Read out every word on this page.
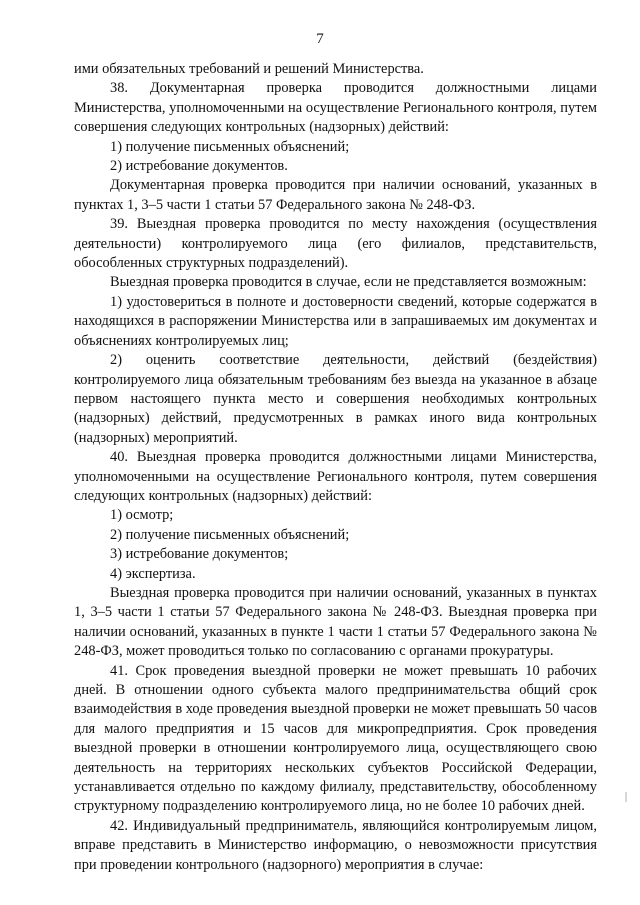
7

ими обязательных требований и решений Министерства.

38. Документарная проверка проводится должностными лицами Министерства, уполномоченными на осуществление Регионального контроля, путем совершения следующих контрольных (надзорных) действий:

1) получение письменных объяснений;

2) истребование документов.

Документарная проверка проводится при наличии оснований, указанных в пунктах 1, 3–5 части 1 статьи 57 Федерального закона № 248-ФЗ.

39. Выездная проверка проводится по месту нахождения (осуществления деятельности) контролируемого лица (его филиалов, представительств, обособленных структурных подразделений).

Выездная проверка проводится в случае, если не представляется возможным:

1) удостовериться в полноте и достоверности сведений, которые содержатся в находящихся в распоряжении Министерства или в запрашиваемых им документах и объяснениях контролируемых лиц;

2) оценить соответствие деятельности, действий (бездействия) контролируемого лица обязательным требованиям без выезда на указанное в абзаце первом настоящего пункта место и совершения необходимых контрольных (надзорных) действий, предусмотренных в рамках иного вида контрольных (надзорных) мероприятий.

40. Выездная проверка проводится должностными лицами Министерства, уполномоченными на осуществление Регионального контроля, путем совершения следующих контрольных (надзорных) действий:

1) осмотр;

2) получение письменных объяснений;

3) истребование документов;

4) экспертиза.

Выездная проверка проводится при наличии оснований, указанных в пунктах 1, 3–5 части 1 статьи 57 Федерального закона № 248-ФЗ. Выездная проверка при наличии оснований, указанных в пункте 1 части 1 статьи 57 Федерального закона № 248-ФЗ, может проводиться только по согласованию с органами прокуратуры.

41. Срок проведения выездной проверки не может превышать 10 рабочих дней. В отношении одного субъекта малого предпринимательства общий срок взаимодействия в ходе проведения выездной проверки не может превышать 50 часов для малого предприятия и 15 часов для микропредприятия. Срок проведения выездной проверки в отношении контролируемого лица, осуществляющего свою деятельность на территориях нескольких субъектов Российской Федерации, устанавливается отдельно по каждому филиалу, представительству, обособленному структурному подразделению контролируемого лица, но не более 10 рабочих дней.

42. Индивидуальный предприниматель, являющийся контролируемым лицом, вправе представить в Министерство информацию, о невозможности присутствия при проведении контрольного (надзорного) мероприятия в случае:
